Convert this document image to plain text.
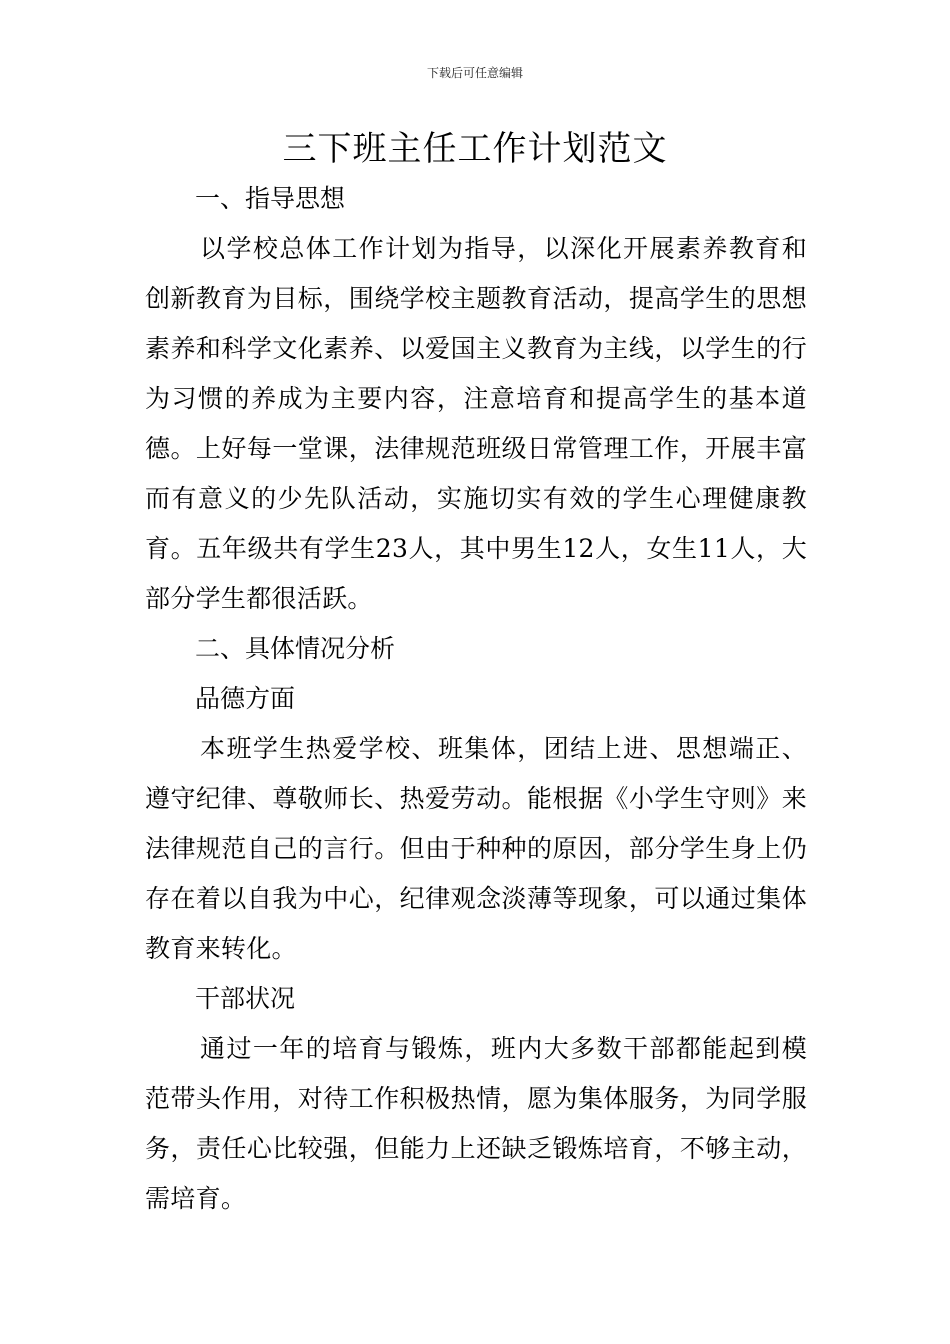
下载后可任意编辑
三下班主任工作计划范文
一、指导思想

以学校总体工作计划为指导，以深化开展素养教育和创新教育为目标，围绕学校主题教育活动，提高学生的思想素养和科学文化素养、以爱国主义教育为主线，以学生的行为习惯的养成为主要内容，注意培育和提高学生的基本道德。上好每一堂课，法律规范班级日常管理工作，开展丰富而有意义的少先队活动，实施切实有效的学生心理健康教育。五年级共有学生23人，其中男生12人，女生11人，大部分学生都很活跃。

二、具体情况分析
品德方面

本班学生热爱学校、班集体，团结上进、思想端正、遵守纪律、尊敬师长、热爱劳动。能根据《小学生守则》来法律规范自己的言行。但由于种种的原因，部分学生身上仍存在着以自我为中心，纪律观念淡薄等现象，可以通过集体教育来转化。

干部状况

通过一年的培育与锻炼，班内大多数干部都能起到模范带头作用，对待工作积极热情，愿为集体服务，为同学服务，责任心比较强，但能力上还缺乏锻炼培育，不够主动，需培育。
